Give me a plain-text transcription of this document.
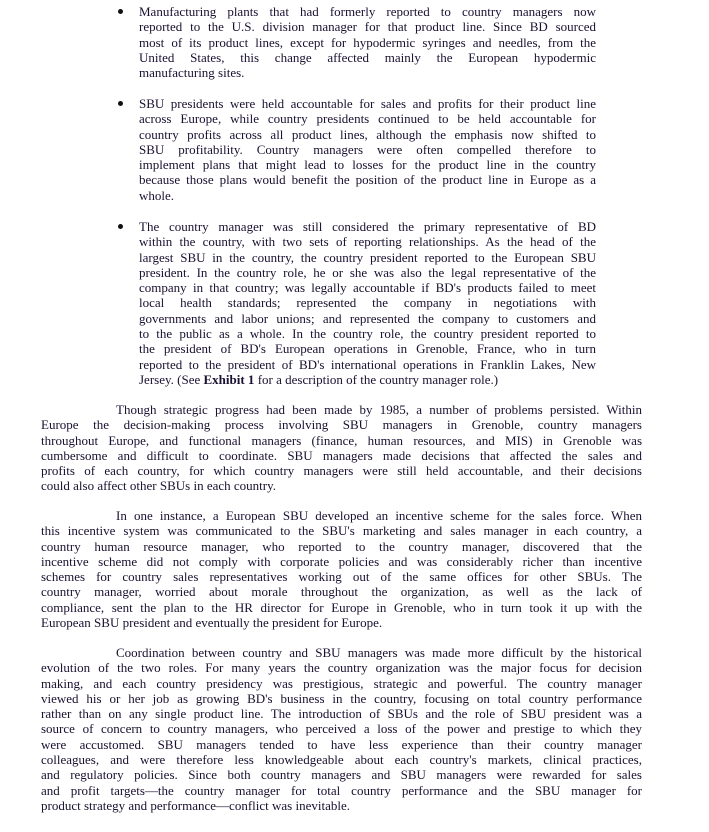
Manufacturing plants that had formerly reported to country managers now
reported to the U.S. division manager for that product line. Since BD sourced
most of its product lines, except for hypodermic syringes and needles, from the
United States, this change affected mainly the European hypodermic
manufacturing sites.
SBU presidents were held accountable for sales and profits for their product line
across Europe, while country presidents continued to be held accountable for
country profits across all product lines, although the emphasis now shifted to
SBU profitability. Country managers were often compelled therefore to
implement plans that might lead to losses for the product line in the country
because those plans would benefit the position of the product line in Europe as a
whole.
The country manager was still considered the primary representative of BD
within the country, with two sets of reporting relationships. As the head of the
largest SBU in the country, the country president reported to the European SBU
president. In the country role, he or she was also the legal representative of the
company in that country; was legally accountable if BD's products failed to meet
local health standards; represented the company in negotiations with
governments and labor unions; and represented the company to customers and
to the public as a whole. In the country role, the country president reported to
the president of BD's European operations in Grenoble, France, who in turn
reported to the president of BD's international operations in Franklin Lakes, New
Jersey. (See Exhibit 1 for a description of the country manager role.)
Though strategic progress had been made by 1985, a number of problems persisted. Within
Europe the decision-making process involving SBU managers in Grenoble, country managers
throughout Europe, and functional managers (finance, human resources, and MIS) in Grenoble was
cumbersome and difficult to coordinate. SBU managers made decisions that affected the sales and
profits of each country, for which country managers were still held accountable, and their decisions
could also affect other SBUs in each country.
In one instance, a European SBU developed an incentive scheme for the sales force. When
this incentive system was communicated to the SBU's marketing and sales manager in each country, a
country human resource manager, who reported to the country manager, discovered that the
incentive scheme did not comply with corporate policies and was considerably richer than incentive
schemes for country sales representatives working out of the same offices for other SBUs. The
country manager, worried about morale throughout the organization, as well as the lack of
compliance, sent the plan to the HR director for Europe in Grenoble, who in turn took it up with the
European SBU president and eventually the president for Europe.
Coordination between country and SBU managers was made more difficult by the historical
evolution of the two roles. For many years the country organization was the major focus for decision
making, and each country presidency was prestigious, strategic and powerful. The country manager
viewed his or her job as growing BD's business in the country, focusing on total country performance
rather than on any single product line. The introduction of SBUs and the role of SBU president was a
source of concern to country managers, who perceived a loss of the power and prestige to which they
were accustomed. SBU managers tended to have less experience than their country manager
colleagues, and were therefore less knowledgeable about each country's markets, clinical practices,
and regulatory policies. Since both country managers and SBU managers were rewarded for sales
and profit targets—the country manager for total country performance and the SBU manager for
product strategy and performance—conflict was inevitable.
